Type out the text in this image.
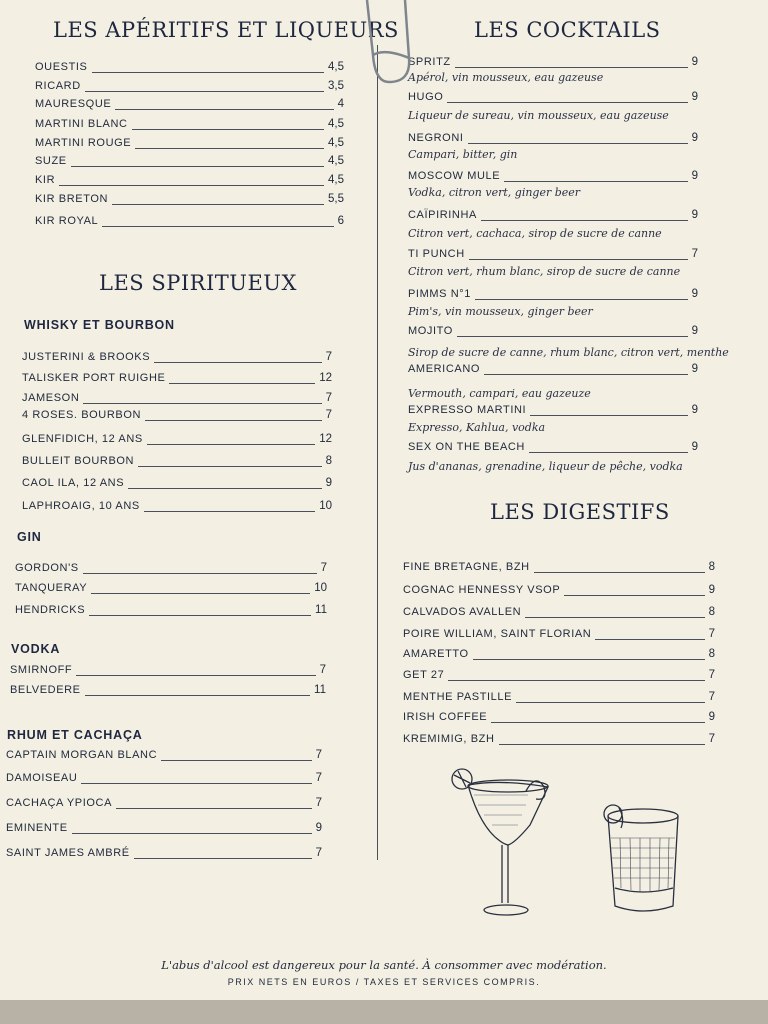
LES APÉRITIFS ET LIQUEURS
OUESTIS	4,5
RICARD	3,5
MAURESQUE	4
MARTINI BLANC	4,5
MARTINI ROUGE	4,5
SUZE	4,5
KIR	4,5
KIR BRETON	5,5
KIR ROYAL	6
LES SPIRITUEUX
WHISKY ET BOURBON
JUSTERINI & BROOKS	7
TALISKER PORT RUIGHE	12
JAMESON	7
4 ROSES. BOURBON	7
GLENFIDICH, 12 ANS	12
BULLEIT BOURBON	8
CAOL ILA, 12 ANS	9
LAPHROAIG, 10 ANS	10
GIN
GORDON'S	7
TANQUERAY	10
HENDRICKS	11
VODKA
SMIRNOFF	7
BELVEDERE	11
RHUM ET CACHAÇA
CAPTAIN MORGAN BLANC	7
DAMOISEAU	7
CACHAÇA YPIOCA	7
EMINENTE	9
SAINT JAMES AMBRÉ	7
LES COCKTAILS
SPRITZ	9
Apérol, vin mousseux, eau gazeuse
HUGO	9
Liqueur de sureau, vin mousseux, eau gazeuse
NEGRONI	9
Campari, bitter, gin
MOSCOW MULE	9
Vodka, citron vert, ginger beer
CAÏPIRINHA	9
Citron vert, cachaca, sirop de sucre de canne
TI PUNCH	7
Citron vert, rhum blanc, sirop de sucre de canne
PIMMS N°1	9
Pim's, vin mousseux, ginger beer
MOJITO	9
Sirop de sucre de canne, rhum blanc, citron vert, menthe
AMERICANO	9
Vermouth, campari, eau gazeuze
EXPRESSO MARTINI	9
Expresso, Kahlua, vodka
SEX ON THE BEACH	9
Jus d'ananas, grenadine, liqueur de pêche, vodka
LES DIGESTIFS
FINE BRETAGNE, BZH	8
COGNAC HENNESSY VSOP	9
CALVADOS AVALLEN	8
POIRE WILLIAM, SAINT FLORIAN	7
AMARETTO	8
GET 27	7
MENTHE PASTILLE	7
IRISH COFFEE	9
KREMIMIG, BZH	7
L'abus d'alcool est dangereux pour la santé. À consommer avec modération.
PRIX NETS EN EUROS / TAXES ET SERVICES COMPRIS.
